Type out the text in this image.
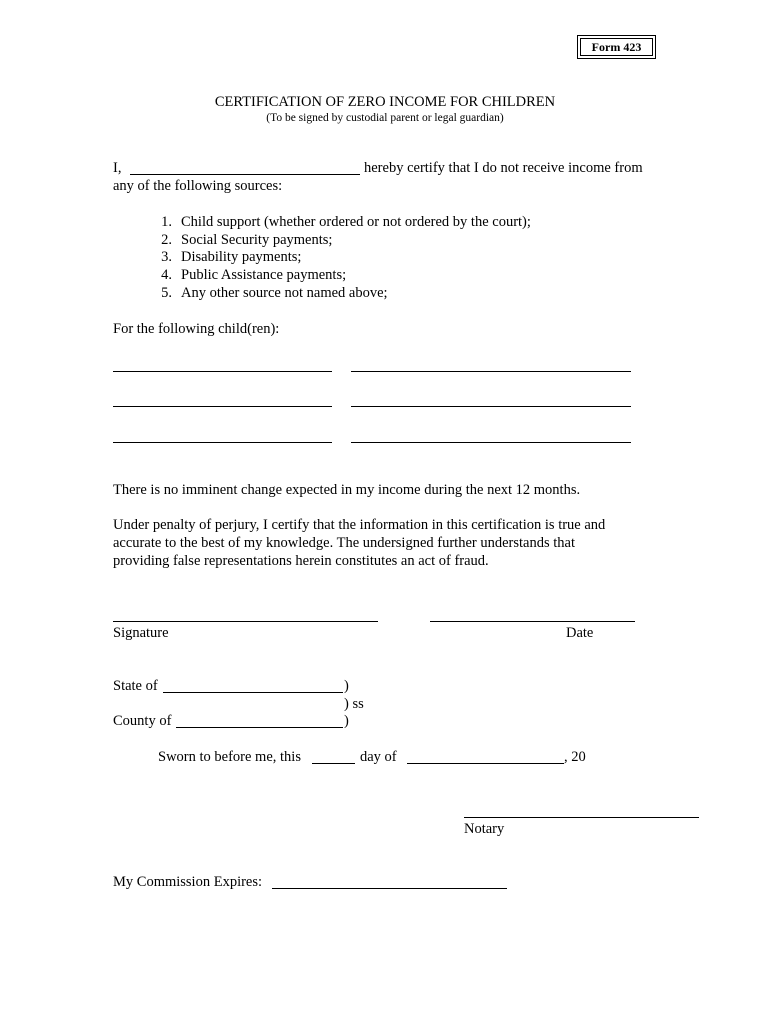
Form 423
CERTIFICATION OF ZERO INCOME FOR CHILDREN
(To be signed by custodial parent or legal guardian)
I,	hereby certify that I do not receive income from
any of the following sources:
1. Child support (whether ordered or not ordered by the court);
2. Social Security payments;
3. Disability payments;
4. Public Assistance payments;
5. Any other source not named above;
For the following child(ren):
There is no imminent change expected in my income during the next 12 months.
Under penalty of perjury, I certify that the information in this certification is true and
accurate to the best of my knowledge. The undersigned further understands that
providing false representations herein constitutes an act of fraud.
Signature	Date
State of	)
) ss
County of	)
Sworn to before me, this	day of	, 20
Notary
My Commission Expires:
